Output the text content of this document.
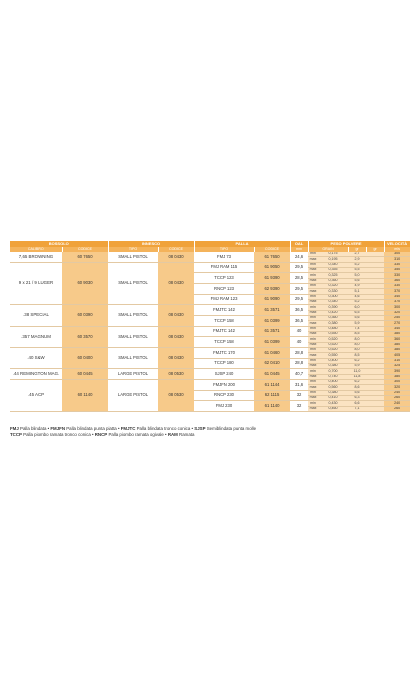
BOSSOLO		INNESCO		PALLA		OAL	PESO POLVERE				VELOCITÀ
CALIBRO	CODICE	TIPO	CODICE	TIPO	CODICE	mm	GRAIN		gr	gr	m/s
7,65 BROWNING	60 7650	SMALL PISTOL	08 0430	FMJ 73	61 7650	24,6	min	0,175	2,7		300
							max	0,195	2,9		310
9 x 21 / 9 LUGER	60 9030	SMALL PISTOL	08 0430	FMJ RAM 115	61 9050	29,5	min	0,340	5,2		330
							max	0,355	5,5		350
				TCCP 123	61 9390	28,5	min	0,325	5,0		330
							max	0,360	5,6		360
				RNCP 123	62 9390	29,5	min	0,320	4,9		330
							max	0,330	5,1		370
				FMJ RAM 123	61 9090	29,5	min	0,300	4,6		340
							max	0,340	5,2		370
.38 SPECIAL	60 0390	SMALL PISTOL	08 0430	FMJTC 142	61 3571	36,5	min	0,390	6,0		300
							max	0,420	6,5		320
				TCCP 158	61 0399	36,5	min	0,360	5,6		250
							max	0,380	5,9		270
.357 MAGNUM	60 3570	SMALL PISTOL	08 0430	FMJTC 142	61 3571	40	min	0,480	7,4		340
							max	0,550	8,5		380
				TCCP 158	61 0399	40	min	0,520	8,0		360
							max	0,520	8,0		380
.40 S&W	60 0400	SMALL PISTOL	08 0430	FMJTC 170	61 0460	28,8	min	0,520	8,0		380
							max	0,550	8,5		405
				TCCP 180	62 0410	28,8	min	0,400	6,2		310
							max	0,380	5,9		325
.44 REMINGTON MAG.	60 0445	LARGE PISTOL	08 0530	SJSP 240	61 0445	40,7	min	0,700	11,0		390
							max	0,740	11,8		380
.45 ACP	60 1140	LARGE PISTOL	08 0530	FMJFN 200	61 1144	31,6	min	0,400	6,2		300
							max	0,560	8,6		320
				RNCP 230	62 1115	32	min	0,380	5,6		240
							max	0,410	6,3		260
				FMJ 230	61 1140	32	min	0,430	6,6		240
							max	0,460	7,1		260
FMJ Palla blindata • FMJFN Palla blindata punta piatta • FMJTC Palla blindata tronco conica • SJSP Semiblindata punta molle
TCCP Palla piombo ramata tronco conica • RNCP Palla piombo ramata ogivale • RAM Ramata
